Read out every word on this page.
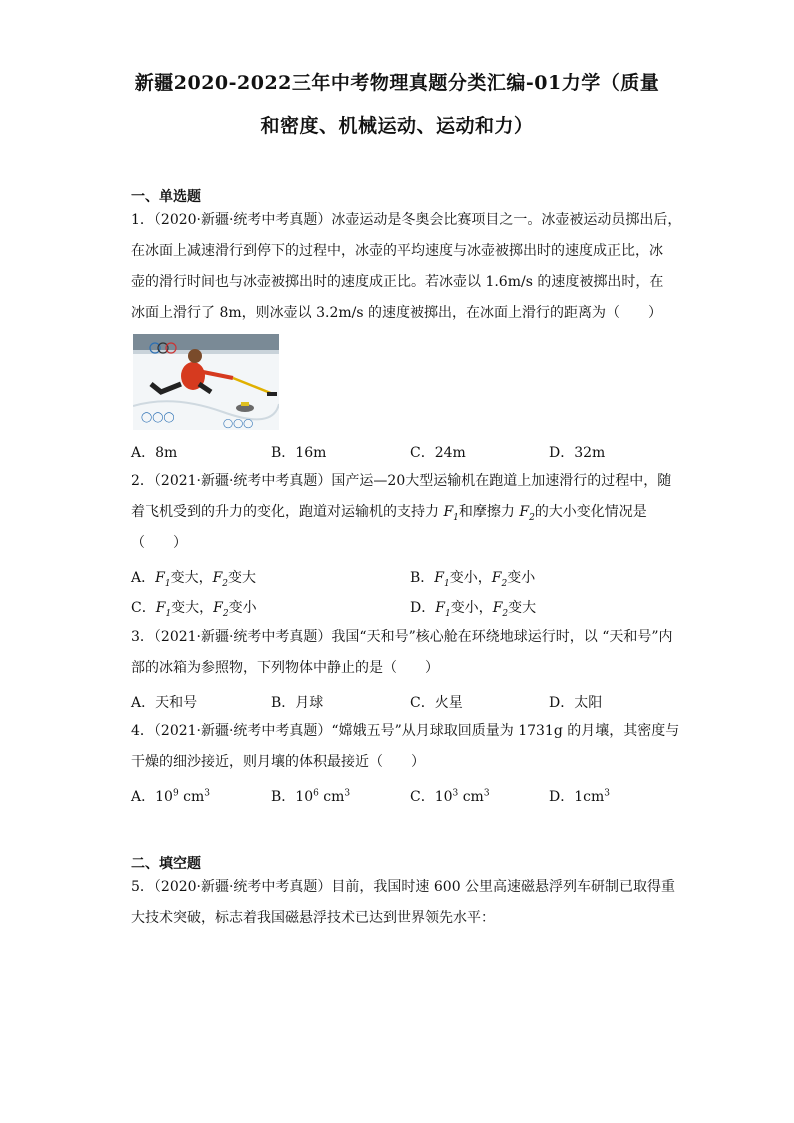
新疆2020-2022三年中考物理真题分类汇编-01力学（质量
和密度、机械运动、运动和力）
一、单选题
1．（2020·新疆·统考中考真题）冰壶运动是冬奥会比赛项目之一。冰壶被运动员掷出后，
在冰面上减速滑行到停下的过程中，冰壶的平均速度与冰壶被掷出时的速度成正比，冰
壶的滑行时间也与冰壶被掷出时的速度成正比。若冰壶以 1.6m/s 的速度被掷出时，在
冰面上滑行了 8m，则冰壶以 3.2m/s 的速度被掷出，在冰面上滑行的距离为（　　）
◯◯◯
◯◯◯
A．8m	B．16m	C．24m	D．32m
2．（2021·新疆·统考中考真题）国产运—20大型运输机在跑道上加速滑行的过程中，随
着飞机受到的升力的变化，跑道对运输机的支持力 $F_1$和摩擦力 $F_2$的大小变化情况是
（　　）
A．$F_1$变大，$F_2$变大	B．$F_1$变小，$F_2$变小
C．$F_1$变大，$F_2$变小	D．$F_1$变小，$F_2$变大
3．（2021·新疆·统考中考真题）我国“天和号”核心舱在环绕地球运行时，以 “天和号”内
部的冰箱为参照物，下列物体中静止的是（　　）
A．天和号	B．月球	C．火星	D．太阳
4．（2021·新疆·统考中考真题）“嫦娥五号”从月球取回质量为 1731g 的月壤，其密度与
干燥的细沙接近，则月壤的体积最接近（　　）
A．$10^9$ $cm^3$	B．$10^6$ $cm^3$	C．$10^3$ $cm^3$	D．$1cm^3$
二、填空题
5．（2020·新疆·统考中考真题）目前，我国时速 600 公里高速磁悬浮列车研制已取得重
大技术突破，标志着我国磁悬浮技术已达到世界领先水平：
